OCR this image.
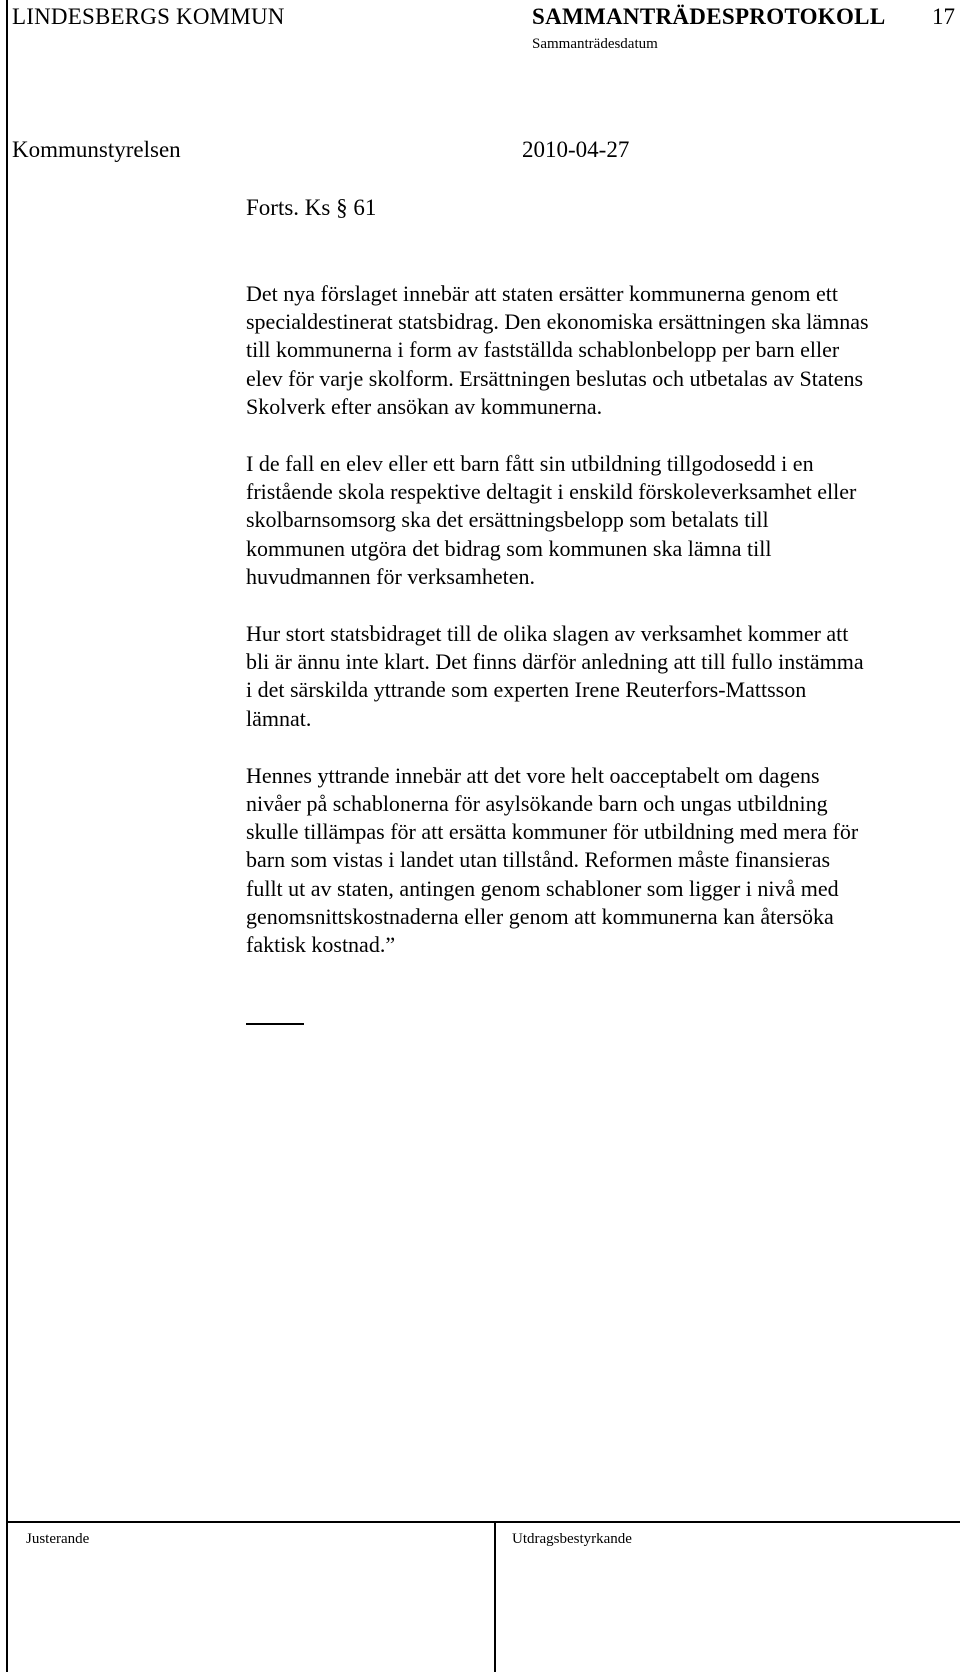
LINDESBERGS KOMMUN	SAMMANTRÄDESPROTOKOLL 17
Sammanträdesdatum
Kommunstyrelsen	2010-04-27
Forts. Ks § 61

Det nya förslaget innebär att staten ersätter kommunerna genom ett
specialdestinerat statsbidrag. Den ekonomiska ersättningen ska lämnas
till kommunerna i form av fastställda schablonbelopp per barn eller
elev för varje skolform. Ersättningen beslutas och utbetalas av Statens
Skolverk efter ansökan av kommunerna.

I de fall en elev eller ett barn fått sin utbildning tillgodosedd i en
fristående skola respektive deltagit i enskild förskoleverksamhet eller
skolbarnsomsorg ska det ersättningsbelopp som betalats till
kommunen utgöra det bidrag som kommunen ska lämna till
huvudmannen för verksamheten.

Hur stort statsbidraget till de olika slagen av verksamhet kommer att
bli är ännu inte klart. Det finns därför anledning att till fullo instämma
i det särskilda yttrande som experten Irene Reuterfors-Mattsson
lämnat.

Hennes yttrande innebär att det vore helt oacceptabelt om dagens
nivåer på schablonerna för asylsökande barn och ungas utbildning
skulle tillämpas för att ersätta kommuner för utbildning med mera för
barn som vistas i landet utan tillstånd. Reformen måste finansieras
fullt ut av staten, antingen genom schabloner som ligger i nivå med
genomsnittskostnaderna eller genom att kommunerna kan återsöka
faktisk kostnad.”

Justerande	Utdragsbestyrkande
